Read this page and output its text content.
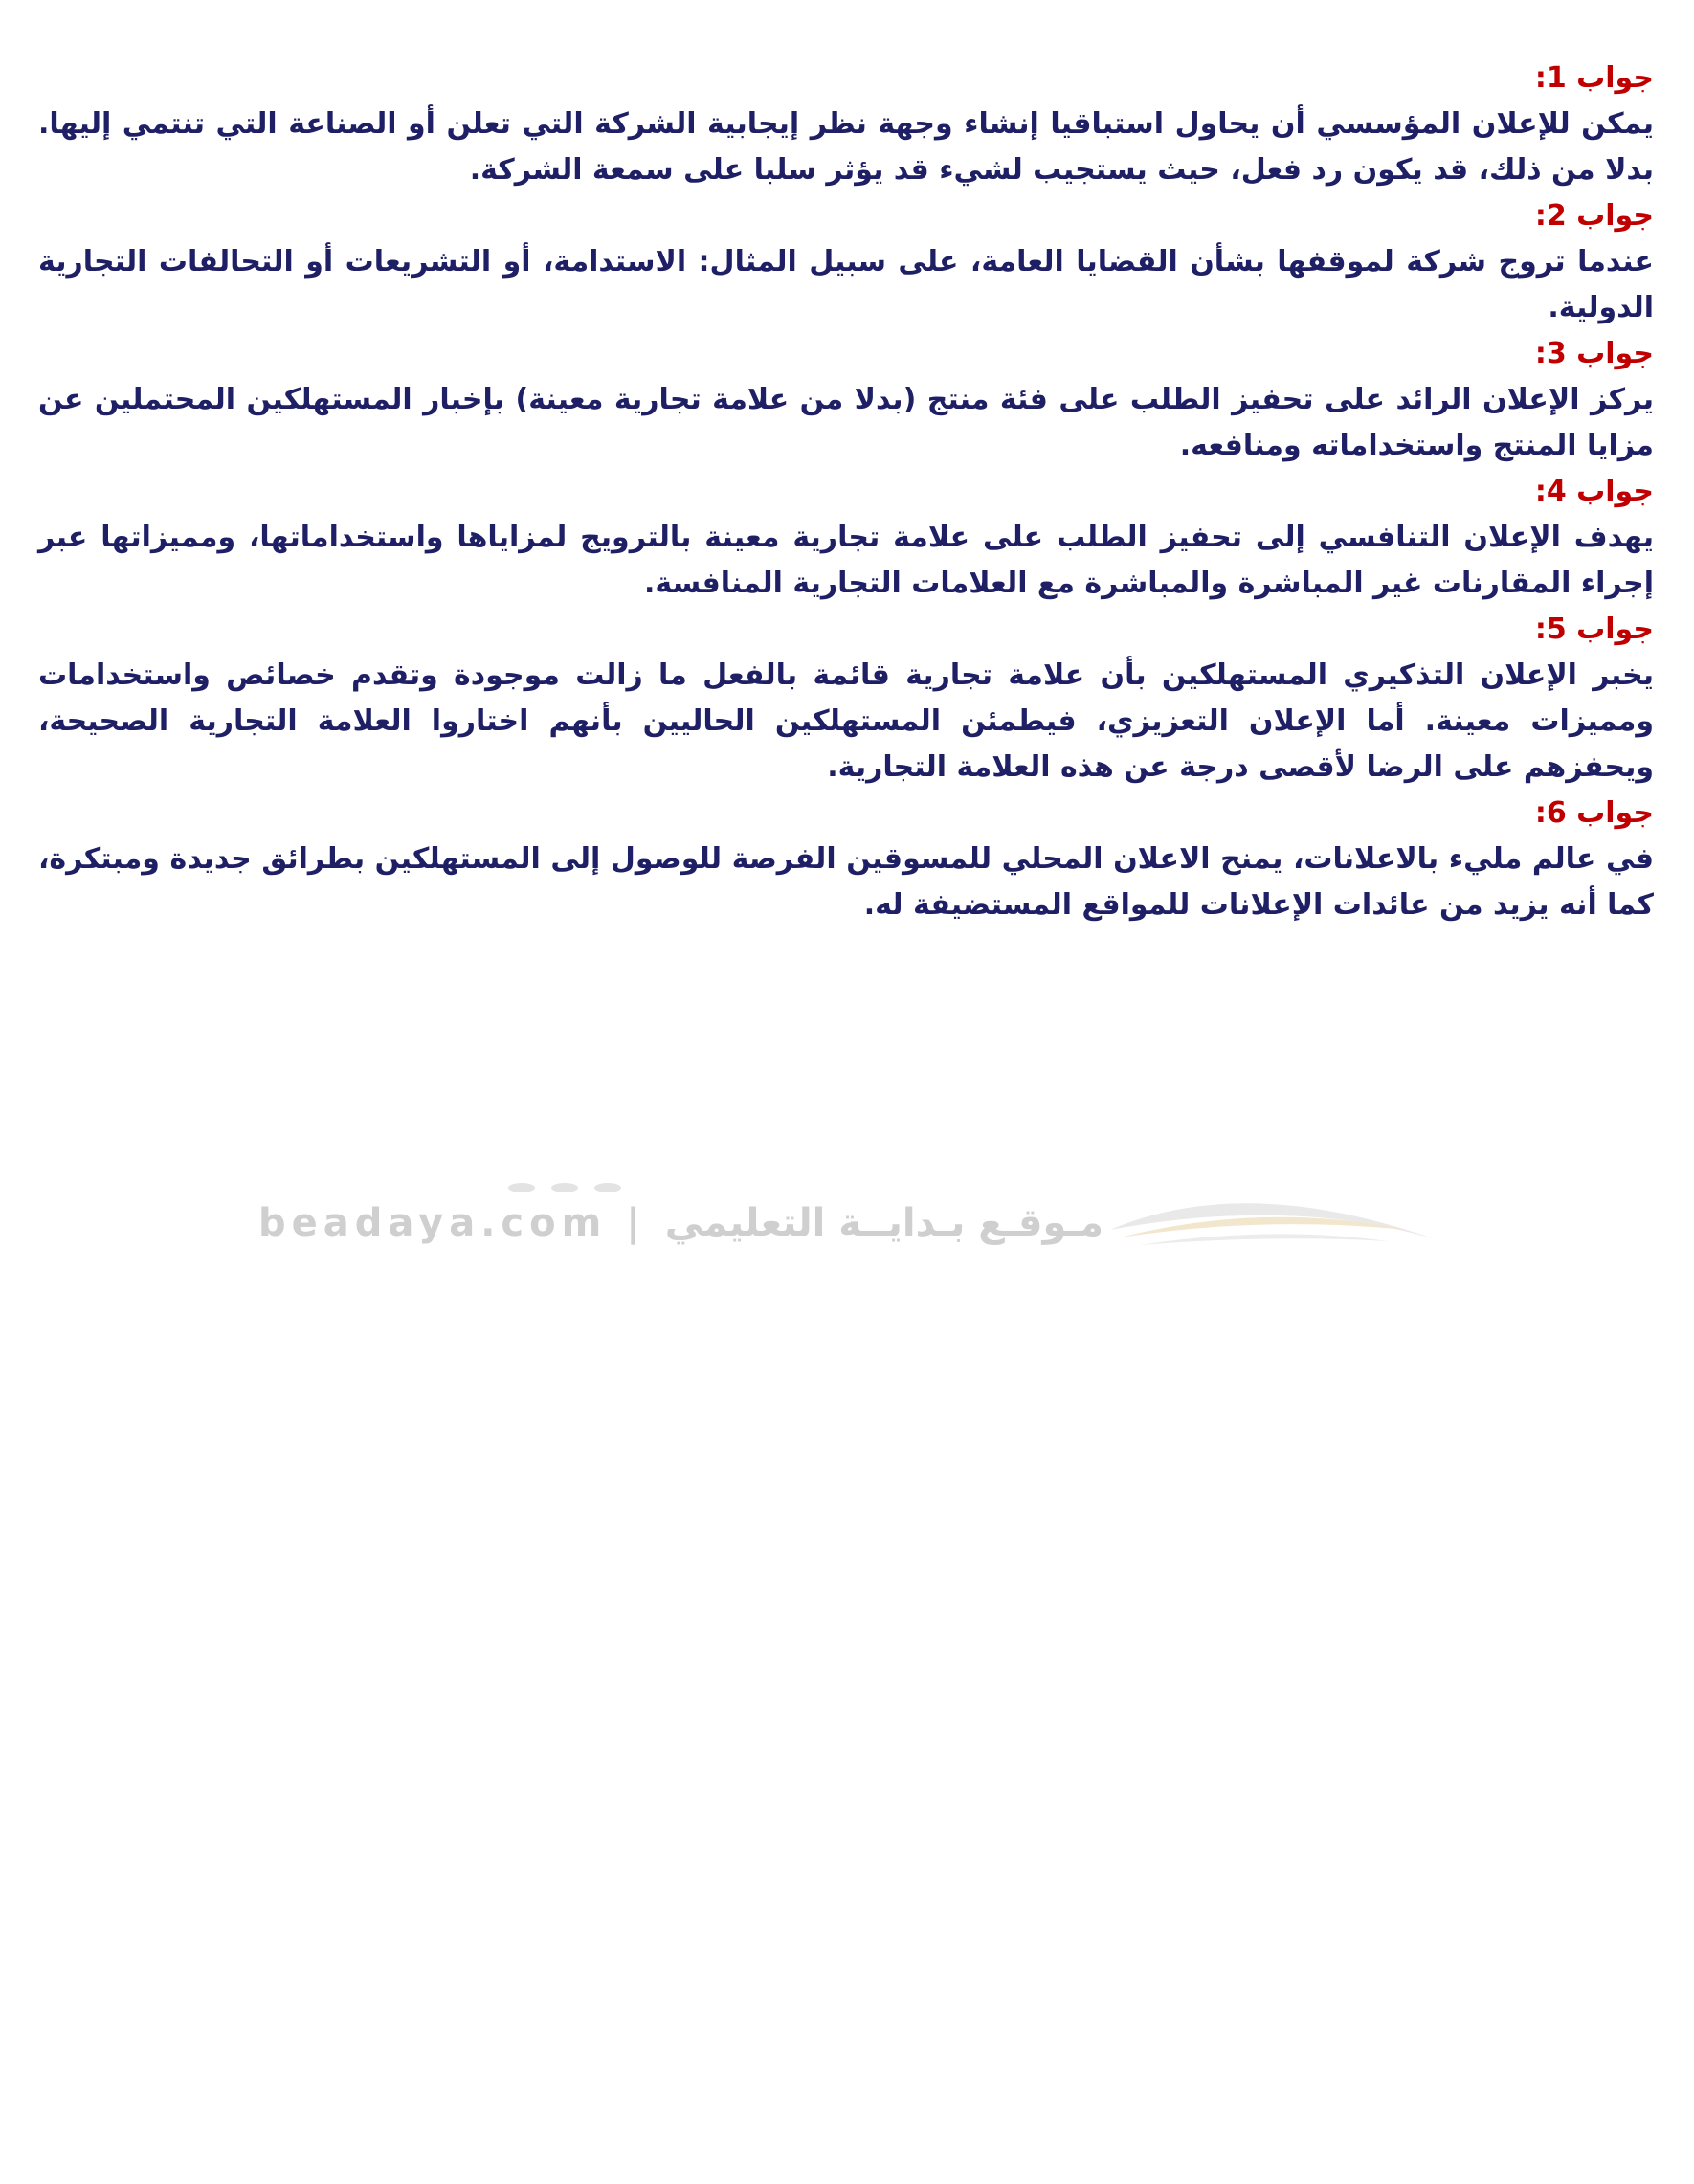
جواب 1:

يمكن للإعلان المؤسسي أن يحاول استباقيا إنشاء وجهة نظر إيجابية الشركة التي تعلن أو الصناعة التي تنتمي إليها. بدلا من ذلك، قد يكون رد فعل، حيث يستجيب لشيء قد يؤثر سلبا على سمعة الشركة.

جواب 2:

عندما تروج شركة لموقفها بشأن القضايا العامة، على سبيل المثال: الاستدامة، أو التشريعات أو التحالفات التجارية الدولية.

جواب 3:

يركز الإعلان الرائد على تحفيز الطلب على فئة منتج (بدلا من علامة تجارية معينة) بإخبار المستهلكين المحتملين عن مزايا المنتج واستخداماته ومنافعه.

جواب 4:

يهدف الإعلان التنافسي إلى تحفيز الطلب على علامة تجارية معينة بالترويج لمزاياها واستخداماتها، ومميزاتها عبر إجراء المقارنات غير المباشرة والمباشرة مع العلامات التجارية المنافسة.

جواب 5:

يخبر الإعلان التذكيري المستهلكين بأن علامة تجارية قائمة بالفعل ما زالت موجودة وتقدم خصائص واستخدامات ومميزات معينة. أما الإعلان التعزيزي، فيطمئن المستهلكين الحاليين بأنهم اختاروا العلامة التجارية الصحيحة، ويحفزهم على الرضا لأقصى درجة عن هذه العلامة التجارية.

جواب 6:

في عالم مليء بالاعلانات، يمنح الاعلان المحلي للمسوقين الفرصة للوصول إلى المستهلكين بطرائق جديدة ومبتكرة، كما أنه يزيد من عائدات الإعلانات للمواقع المستضيفة له.

beadaya.com | مـوقـع بـدايــة التعليمي
